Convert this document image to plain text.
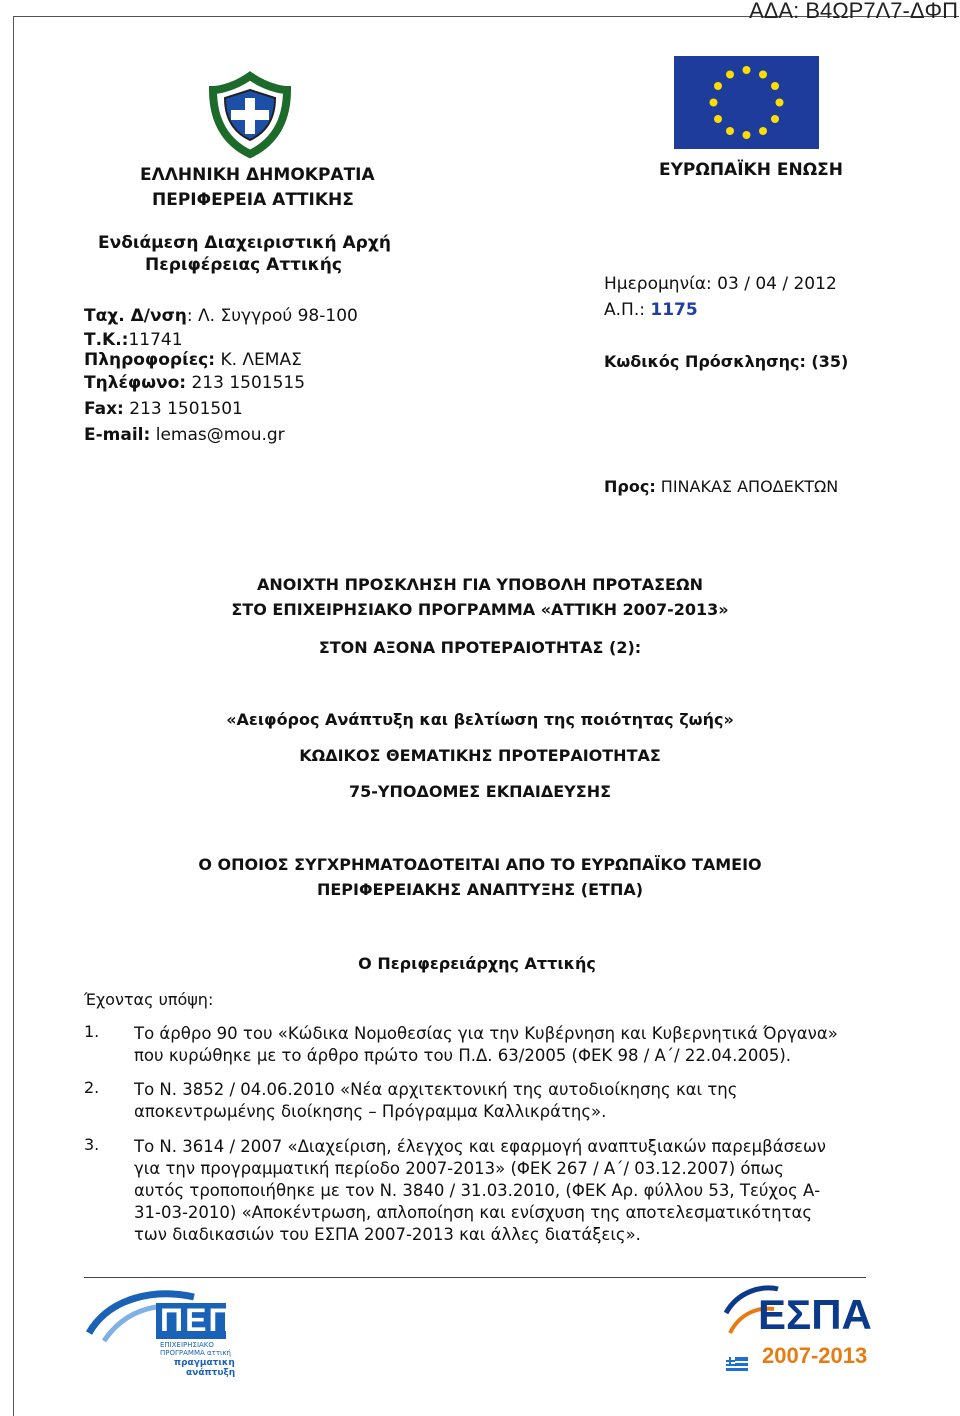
ΑΔΑ: Β4ΩΡ7Λ7-ΔΦΠ
ΕΛΛΗΝΙΚΗ ΔΗΜΟΚΡΑΤΙΑ
ΠΕΡΙΦΕΡΕΙΑ ΑΤΤΙΚΗΣ
Ενδιάμεση Διαχειριστική Αρχή
Περιφέρειας Αττικής
Ταχ. Δ/νση: Λ. Συγγρού 98-100
Τ.Κ.:11741
Πληροφορίες: Κ. ΛΕΜΑΣ
Τηλέφωνο: 213 1501515
Fax: 213 1501501
E-mail: lemas@mou.gr
ΕΥΡΩΠΑΪΚΗ ΕΝΩΣΗ
Ημερομηνία: 03 / 04 / 2012
Α.Π.: 1175
Κωδικός Πρόσκλησης: (35)
Προς: ΠΙΝΑΚΑΣ ΑΠΟΔΕΚΤΩΝ
ΑΝΟΙΧΤΗ ΠΡΟΣΚΛΗΣΗ ΓΙΑ ΥΠΟΒΟΛΗ ΠΡΟΤΑΣΕΩΝ
ΣΤΟ ΕΠΙΧΕΙΡΗΣΙΑΚΟ ΠΡΟΓΡΑΜΜΑ «ΑΤΤΙΚΗ 2007-2013»
ΣΤΟΝ ΑΞΟΝΑ ΠΡΟΤΕΡΑΙΟΤΗΤΑΣ (2):
«Αειφόρος Ανάπτυξη και βελτίωση της ποιότητας ζωής»
ΚΩΔΙΚΟΣ ΘΕΜΑΤΙΚΗΣ ΠΡΟΤΕΡΑΙΟΤΗΤΑΣ
75-ΥΠΟΔΟΜΕΣ ΕΚΠΑΙΔΕΥΣΗΣ
Ο ΟΠΟΙΟΣ ΣΥΓΧΡΗΜΑΤΟΔΟΤΕΙΤΑΙ ΑΠΟ ΤΟ ΕΥΡΩΠΑΪΚΟ ΤΑΜΕΙΟ
ΠΕΡΙΦΕΡΕΙΑΚΗΣ ΑΝΑΠΤΥΞΗΣ (ΕΤΠΑ)
Ο Περιφερειάρχης Αττικής
Έχοντας υπόψη:
1. Το άρθρο 90 του «Κώδικα Νομοθεσίας για την Κυβέρνηση και Κυβερνητικά Όργανα»
που κυρώθηκε με το άρθρο πρώτο του Π.Δ. 63/2005 (ΦΕΚ 98 / Α΄/ 22.04.2005).
2. Το Ν. 3852 / 04.06.2010 «Νέα αρχιτεκτονική της αυτοδιοίκησης και της
αποκεντρωμένης διοίκησης – Πρόγραμμα Καλλικράτης».
3. Το Ν. 3614 / 2007 «Διαχείριση, έλεγχος και εφαρμογή αναπτυξιακών παρεμβάσεων
για την προγραμματική περίοδο 2007-2013» (ΦΕΚ 267 / Α΄/ 03.12.2007) όπως
αυτός τροποποιήθηκε με τον Ν. 3840 / 31.03.2010, (ΦΕΚ Αρ. φύλλου 53, Τεύχος Α-
31-03-2010) «Αποκέντρωση, απλοποίηση και ενίσχυση της αποτελεσματικότητας
των διαδικασιών του ΕΣΠΑ 2007-2013 και άλλες διατάξεις».
ΠΕΠ
ΕΠΙΧΕΙΡΗΣΙΑΚΟ
ΠΡΟΓΡΑΜΜΑ αττική
πραγματικη
ανάπτυξη
ΕΣΠΑ
2007-2013
